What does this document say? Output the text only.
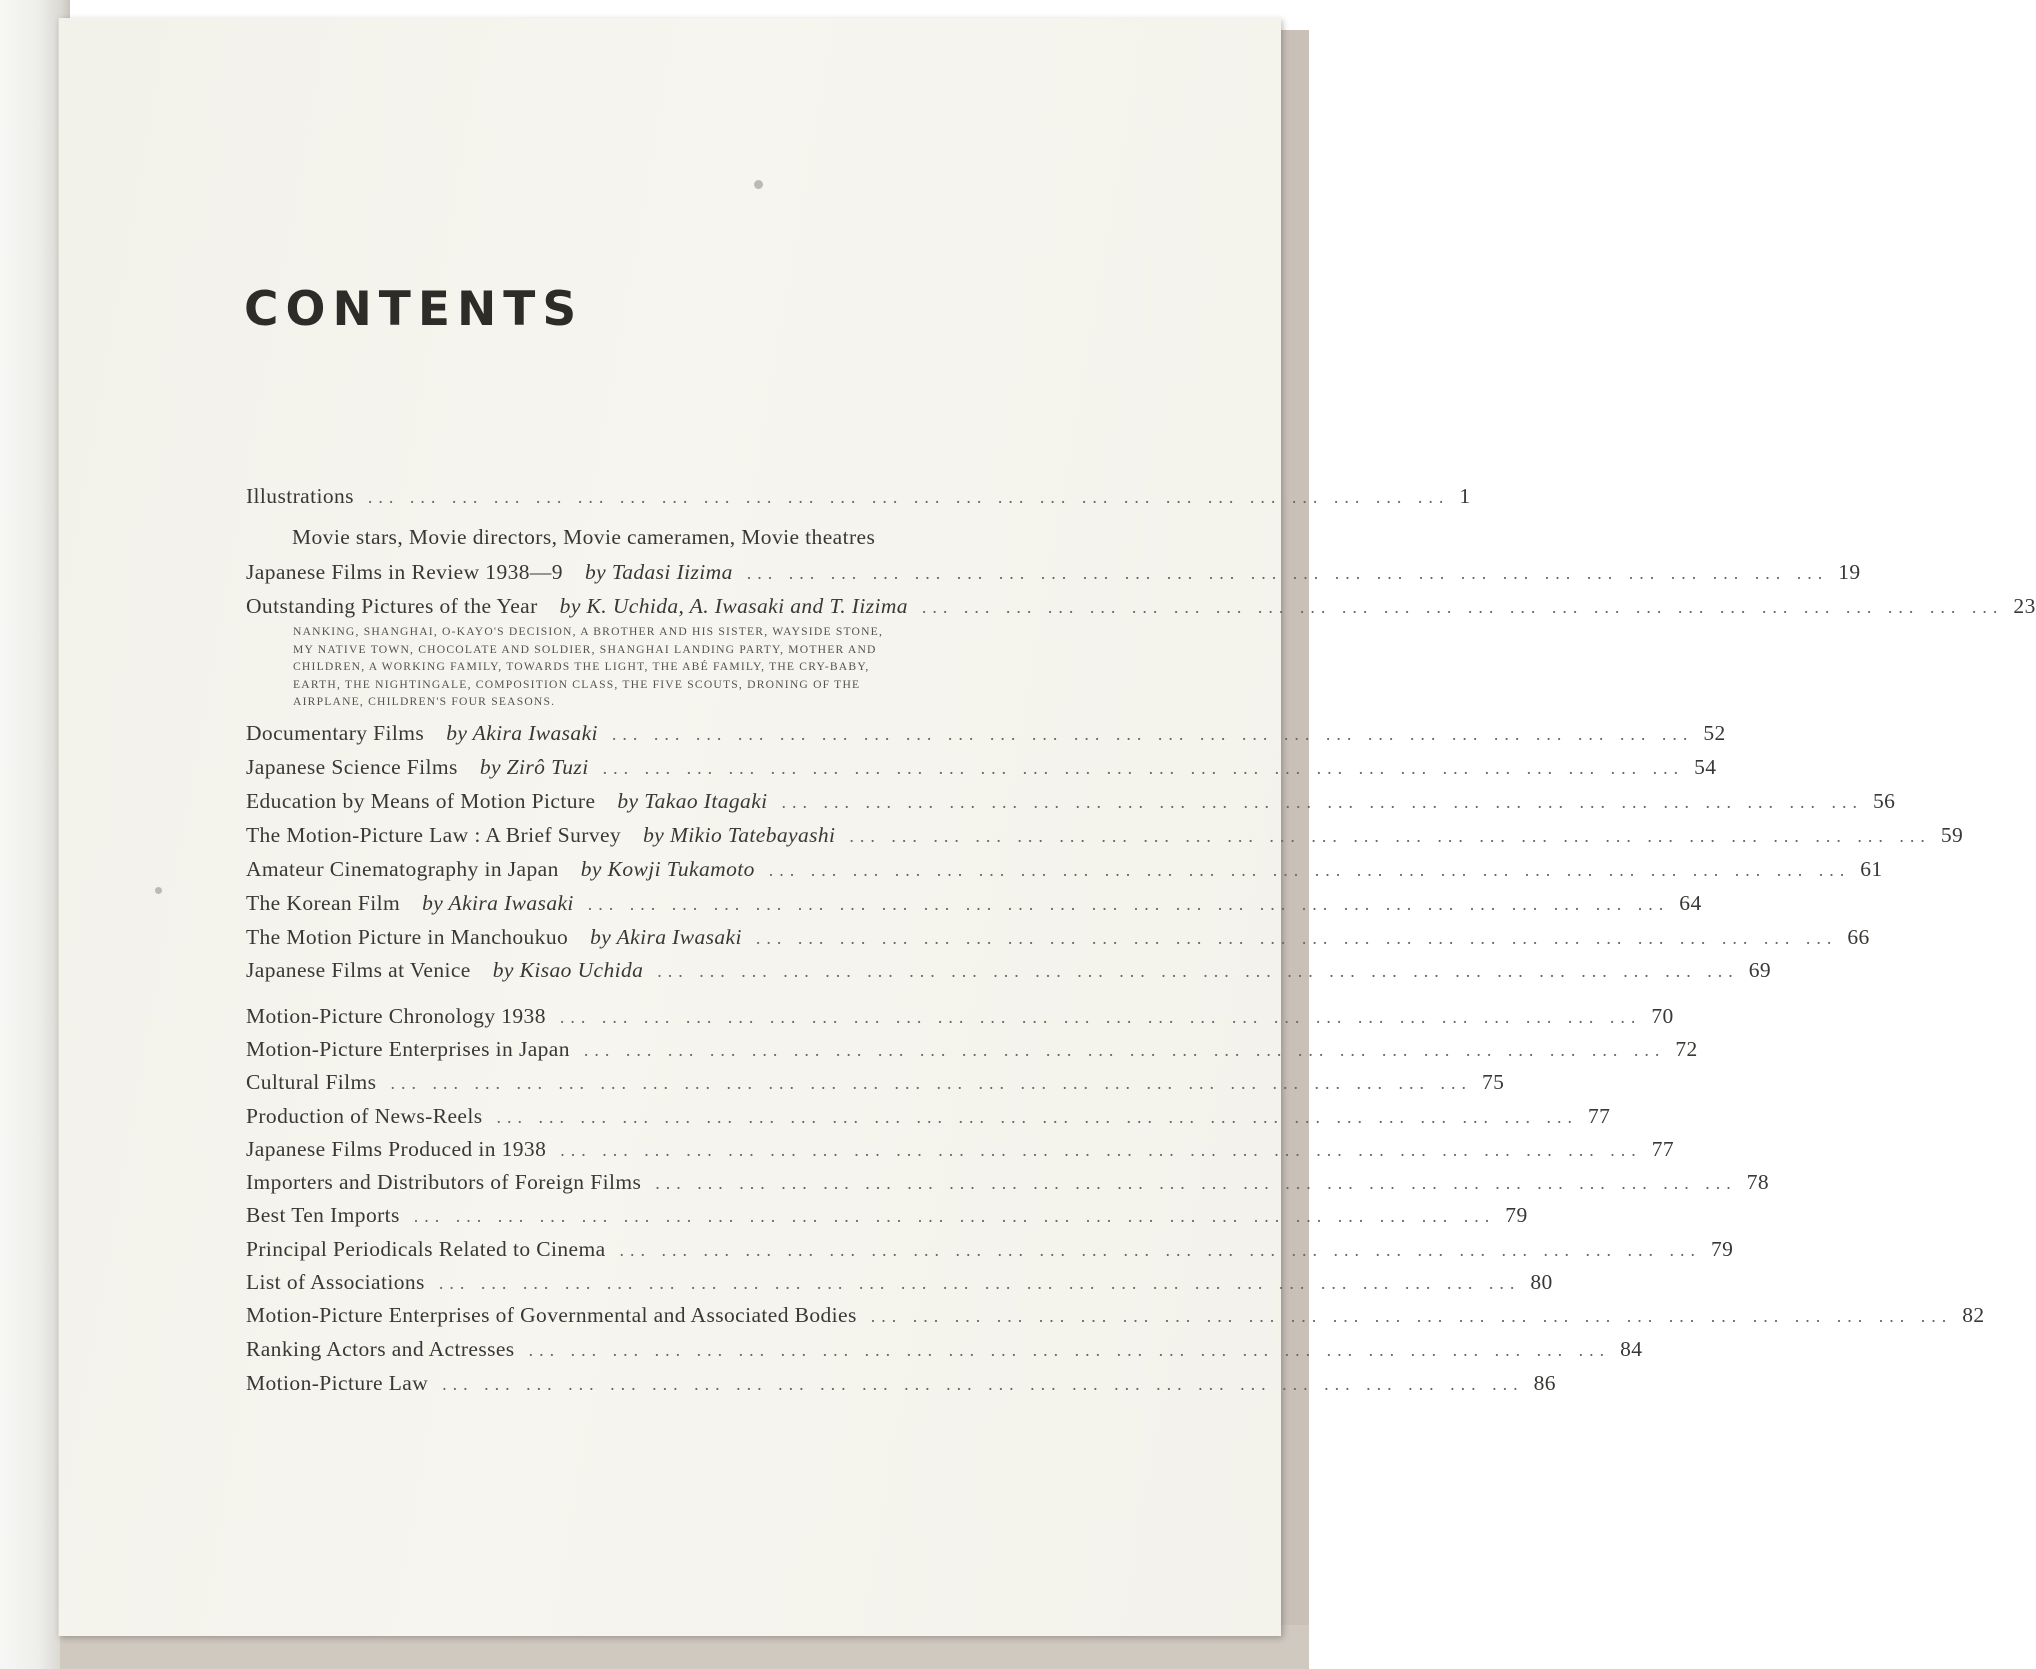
CONTENTS
Illustrations ... ... ... ... ... ... ... ... ... ... ... ... ... ... ... ... ... ... ... ... ... ... ... ... ... ... 1
Movie stars, Movie directors, Movie cameramen, Movie theatres
Japanese Films in Review 1938—9 by Tadasi Iizima ... ... ... ... ... ... ... ... ... ... ... ... ... ... ... ... ... ... ... ... ... ... ... ... ... ... 19
Outstanding Pictures of the Year by K. Uchida, A. Iwasaki and T. Iizima ... ... ... ... ... ... ... ... ... ... ... ... ... ... ... ... ... ... ... ... ... ... ... ... ... ... 23
NANKING, SHANGHAI, O-KAYO'S DECISION, A BROTHER AND HIS SISTER, WAYSIDE STONE,
MY NATIVE TOWN, CHOCOLATE AND SOLDIER, SHANGHAI LANDING PARTY, MOTHER AND
CHILDREN, A WORKING FAMILY, TOWARDS THE LIGHT, THE ABÉ FAMILY, THE CRY-BABY,
EARTH, THE NIGHTINGALE, COMPOSITION CLASS, THE FIVE SCOUTS, DRONING OF THE
AIRPLANE, CHILDREN'S FOUR SEASONS.
Documentary Films by Akira Iwasaki ... ... ... ... ... ... ... ... ... ... ... ... ... ... ... ... ... ... ... ... ... ... ... ... ... ... 52
Japanese Science Films by Zirô Tuzi ... ... ... ... ... ... ... ... ... ... ... ... ... ... ... ... ... ... ... ... ... ... ... ... ... ... 54
Education by Means of Motion Picture by Takao Itagaki ... ... ... ... ... ... ... ... ... ... ... ... ... ... ... ... ... ... ... ... ... ... ... ... ... ... 56
The Motion-Picture Law : A Brief Survey by Mikio Tatebayashi ... ... ... ... ... ... ... ... ... ... ... ... ... ... ... ... ... ... ... ... ... ... ... ... ... ... 59
Amateur Cinematography in Japan by Kowji Tukamoto ... ... ... ... ... ... ... ... ... ... ... ... ... ... ... ... ... ... ... ... ... ... ... ... ... ... 61
The Korean Film by Akira Iwasaki ... ... ... ... ... ... ... ... ... ... ... ... ... ... ... ... ... ... ... ... ... ... ... ... ... ... 64
The Motion Picture in Manchoukuo by Akira Iwasaki ... ... ... ... ... ... ... ... ... ... ... ... ... ... ... ... ... ... ... ... ... ... ... ... ... ... 66
Japanese Films at Venice by Kisao Uchida ... ... ... ... ... ... ... ... ... ... ... ... ... ... ... ... ... ... ... ... ... ... ... ... ... ... 69
Motion-Picture Chronology 1938 ... ... ... ... ... ... ... ... ... ... ... ... ... ... ... ... ... ... ... ... ... ... ... ... ... ... 70
Motion-Picture Enterprises in Japan ... ... ... ... ... ... ... ... ... ... ... ... ... ... ... ... ... ... ... ... ... ... ... ... ... ... 72
Cultural Films ... ... ... ... ... ... ... ... ... ... ... ... ... ... ... ... ... ... ... ... ... ... ... ... ... ... 75
Production of News-Reels ... ... ... ... ... ... ... ... ... ... ... ... ... ... ... ... ... ... ... ... ... ... ... ... ... ... 77
Japanese Films Produced in 1938 ... ... ... ... ... ... ... ... ... ... ... ... ... ... ... ... ... ... ... ... ... ... ... ... ... ... 77
Importers and Distributors of Foreign Films ... ... ... ... ... ... ... ... ... ... ... ... ... ... ... ... ... ... ... ... ... ... ... ... ... ... 78
Best Ten Imports ... ... ... ... ... ... ... ... ... ... ... ... ... ... ... ... ... ... ... ... ... ... ... ... ... ... 79
Principal Periodicals Related to Cinema ... ... ... ... ... ... ... ... ... ... ... ... ... ... ... ... ... ... ... ... ... ... ... ... ... ... 79
List of Associations ... ... ... ... ... ... ... ... ... ... ... ... ... ... ... ... ... ... ... ... ... ... ... ... ... ... 80
Motion-Picture Enterprises of Governmental and Associated Bodies ... ... ... ... ... ... ... ... ... ... ... ... ... ... ... ... ... ... ... ... ... ... ... ... ... ... 82
Ranking Actors and Actresses ... ... ... ... ... ... ... ... ... ... ... ... ... ... ... ... ... ... ... ... ... ... ... ... ... ... 84
Motion-Picture Law ... ... ... ... ... ... ... ... ... ... ... ... ... ... ... ... ... ... ... ... ... ... ... ... ... ... 86
